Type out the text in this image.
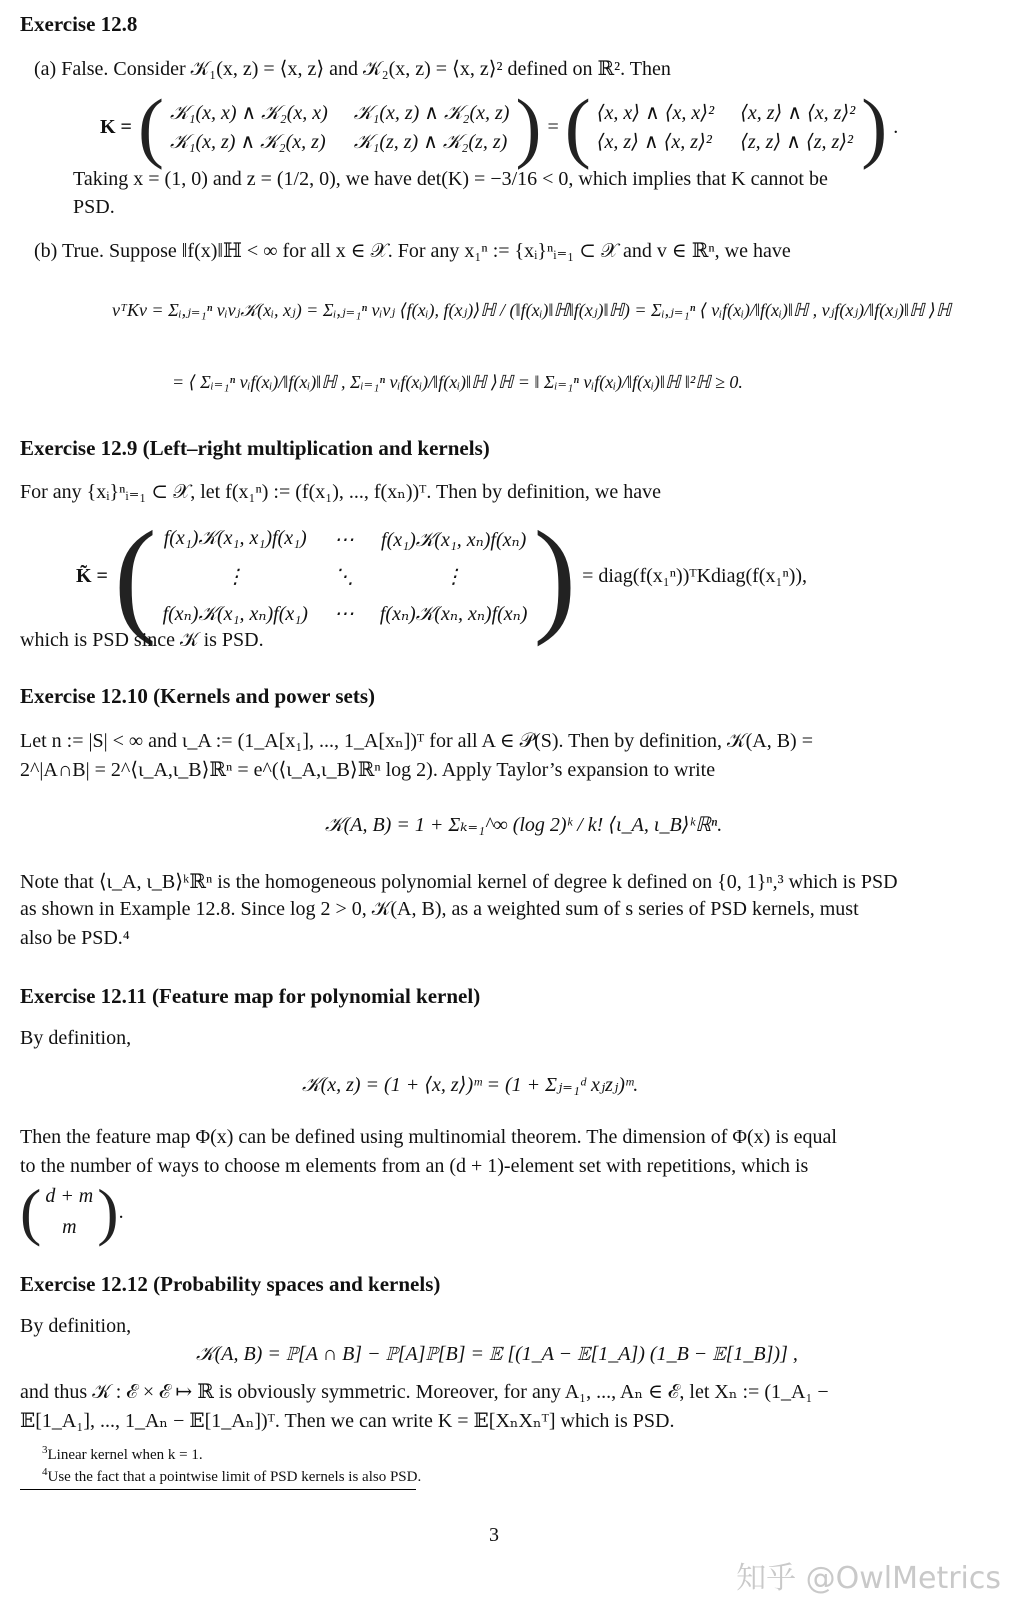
Exercise 12.8
(a) False. Consider 𝒦₁(x, z) = ⟨x, z⟩ and 𝒦₂(x, z) = ⟨x, z⟩² defined on ℝ². Then
K = ( 𝒦₁(x, x) ∧ 𝒦₂(x, x) 𝒦₁(x, z) ∧ 𝒦₂(x, z)
𝒦₁(x, z) ∧ 𝒦₂(x, z) 𝒦₁(z, z) ∧ 𝒦₂(z, z) ) = ( ⟨x, x⟩ ∧ ⟨x, x⟩² ⟨x, z⟩ ∧ ⟨x, z⟩²
⟨x, z⟩ ∧ ⟨x, z⟩² ⟨z, z⟩ ∧ ⟨z, z⟩² ) .
Taking x = (1, 0) and z = (1/2, 0), we have det(K) = −3/16 < 0, which implies that K cannot be
PSD.
(b) True. Suppose ‖f(x)‖ℍ < ∞ for all x ∈ 𝒳. For any x₁ⁿ := {xᵢ}ⁿᵢ₌₁ ⊂ 𝒳 and v ∈ ℝⁿ, we have
vᵀKv = Σᵢ,ⱼ₌₁ⁿ vᵢvⱼ𝒦(xᵢ, xⱼ) = Σᵢ,ⱼ₌₁ⁿ vᵢvⱼ ⟨f(xᵢ), f(xⱼ)⟩ℍ / (‖f(xᵢ)‖ℍ‖f(xⱼ)‖ℍ) = Σᵢ,ⱼ₌₁ⁿ ⟨ vᵢf(xᵢ)/‖f(xᵢ)‖ℍ , vⱼf(xⱼ)/‖f(xⱼ)‖ℍ ⟩ℍ
= ⟨ Σᵢ₌₁ⁿ vᵢf(xᵢ)/‖f(xᵢ)‖ℍ , Σᵢ₌₁ⁿ vᵢf(xᵢ)/‖f(xᵢ)‖ℍ ⟩ℍ = ‖ Σᵢ₌₁ⁿ vᵢf(xᵢ)/‖f(xᵢ)‖ℍ ‖²ℍ ≥ 0.
Exercise 12.9 (Left–right multiplication and kernels)
For any {xᵢ}ⁿᵢ₌₁ ⊂ 𝒳, let f(x₁ⁿ) := (f(x₁), ..., f(xₙ))ᵀ. Then by definition, we have
K̃ = ( f(x₁)𝒦(x₁, x₁)f(x₁) ⋯ f(x₁)𝒦(x₁, xₙ)f(xₙ)
⋮	⋱	⋮
f(xₙ)𝒦(x₁, xₙ)f(x₁) ⋯ f(xₙ)𝒦(xₙ, xₙ)f(xₙ) ) = diag(f(x₁ⁿ))ᵀKdiag(f(x₁ⁿ)),
which is PSD since 𝒦 is PSD.
Exercise 12.10 (Kernels and power sets)
Let n := |S| < ∞ and ι_A := (1_A[x₁], ..., 1_A[xₙ])ᵀ for all A ∈ 𝒫(S). Then by definition, 𝒦(A, B) =
2^|A∩B| = 2^⟨ι_A,ι_B⟩ℝⁿ = e^(⟨ι_A,ι_B⟩ℝⁿ log 2). Apply Taylor’s expansion to write
𝒦(A, B) = 1 + Σₖ₌₁^∞ (log 2)ᵏ / k! ⟨ι_A, ι_B⟩ᵏℝⁿ.
Note that ⟨ι_A, ι_B⟩ᵏℝⁿ is the homogeneous polynomial kernel of degree k defined on {0, 1}ⁿ,³ which is PSD
as shown in Example 12.8. Since log 2 > 0, 𝒦(A, B), as a weighted sum of s series of PSD kernels, must
also be PSD.⁴
Exercise 12.11 (Feature map for polynomial kernel)
By definition,
𝒦(x, z) = (1 + ⟨x, z⟩)ᵐ = (1 + Σⱼ₌₁ᵈ xⱼzⱼ)ᵐ.
Then the feature map Φ(x) can be defined using multinomial theorem. The dimension of Φ(x) is equal
to the number of ways to choose m elements from an (d + 1)-element set with repetitions, which is
( d + m
m ) .
Exercise 12.12 (Probability spaces and kernels)
By definition,
𝒦(A, B) = ℙ[A ∩ B] − ℙ[A]ℙ[B] = 𝔼 [(1_A − 𝔼[1_A]) (1_B − 𝔼[1_B])] ,
and thus 𝒦 : ℰ × ℰ ↦ ℝ is obviously symmetric. Moreover, for any A₁, ..., Aₙ ∈ ℰ, let Xₙ := (1_A₁ −
𝔼[1_A₁], ..., 1_Aₙ − 𝔼[1_Aₙ])ᵀ. Then we can write K = 𝔼[XₙXₙᵀ] which is PSD.
$^3$Linear kernel when k = 1.
$^4$Use the fact that a pointwise limit of PSD kernels is also PSD.
3
知乎 @OwlMetrics
